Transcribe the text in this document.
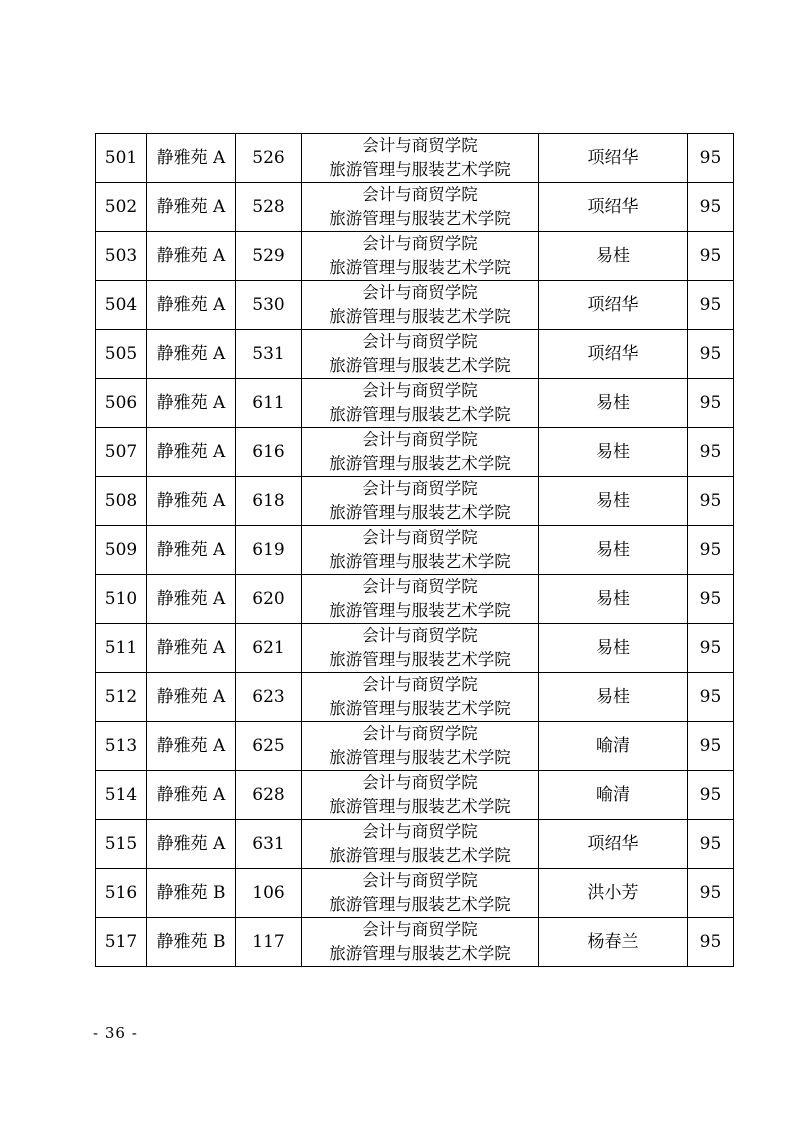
501	静雅苑 A	526	会计与商贸学院
旅游管理与服装艺术学院	项绍华	95
502	静雅苑 A	528	会计与商贸学院
旅游管理与服装艺术学院	项绍华	95
503	静雅苑 A	529	会计与商贸学院
旅游管理与服装艺术学院	易桂	95
504	静雅苑 A	530	会计与商贸学院
旅游管理与服装艺术学院	项绍华	95
505	静雅苑 A	531	会计与商贸学院
旅游管理与服装艺术学院	项绍华	95
506	静雅苑 A	611	会计与商贸学院
旅游管理与服装艺术学院	易桂	95
507	静雅苑 A	616	会计与商贸学院
旅游管理与服装艺术学院	易桂	95
508	静雅苑 A	618	会计与商贸学院
旅游管理与服装艺术学院	易桂	95
509	静雅苑 A	619	会计与商贸学院
旅游管理与服装艺术学院	易桂	95
510	静雅苑 A	620	会计与商贸学院
旅游管理与服装艺术学院	易桂	95
511	静雅苑 A	621	会计与商贸学院
旅游管理与服装艺术学院	易桂	95
512	静雅苑 A	623	会计与商贸学院
旅游管理与服装艺术学院	易桂	95
513	静雅苑 A	625	会计与商贸学院
旅游管理与服装艺术学院	喻清	95
514	静雅苑 A	628	会计与商贸学院
旅游管理与服装艺术学院	喻清	95
515	静雅苑 A	631	会计与商贸学院
旅游管理与服装艺术学院	项绍华	95
516	静雅苑 B	106	会计与商贸学院
旅游管理与服装艺术学院	洪小芳	95
517	静雅苑 B	117	会计与商贸学院
旅游管理与服装艺术学院	杨春兰	95
- 36 -
